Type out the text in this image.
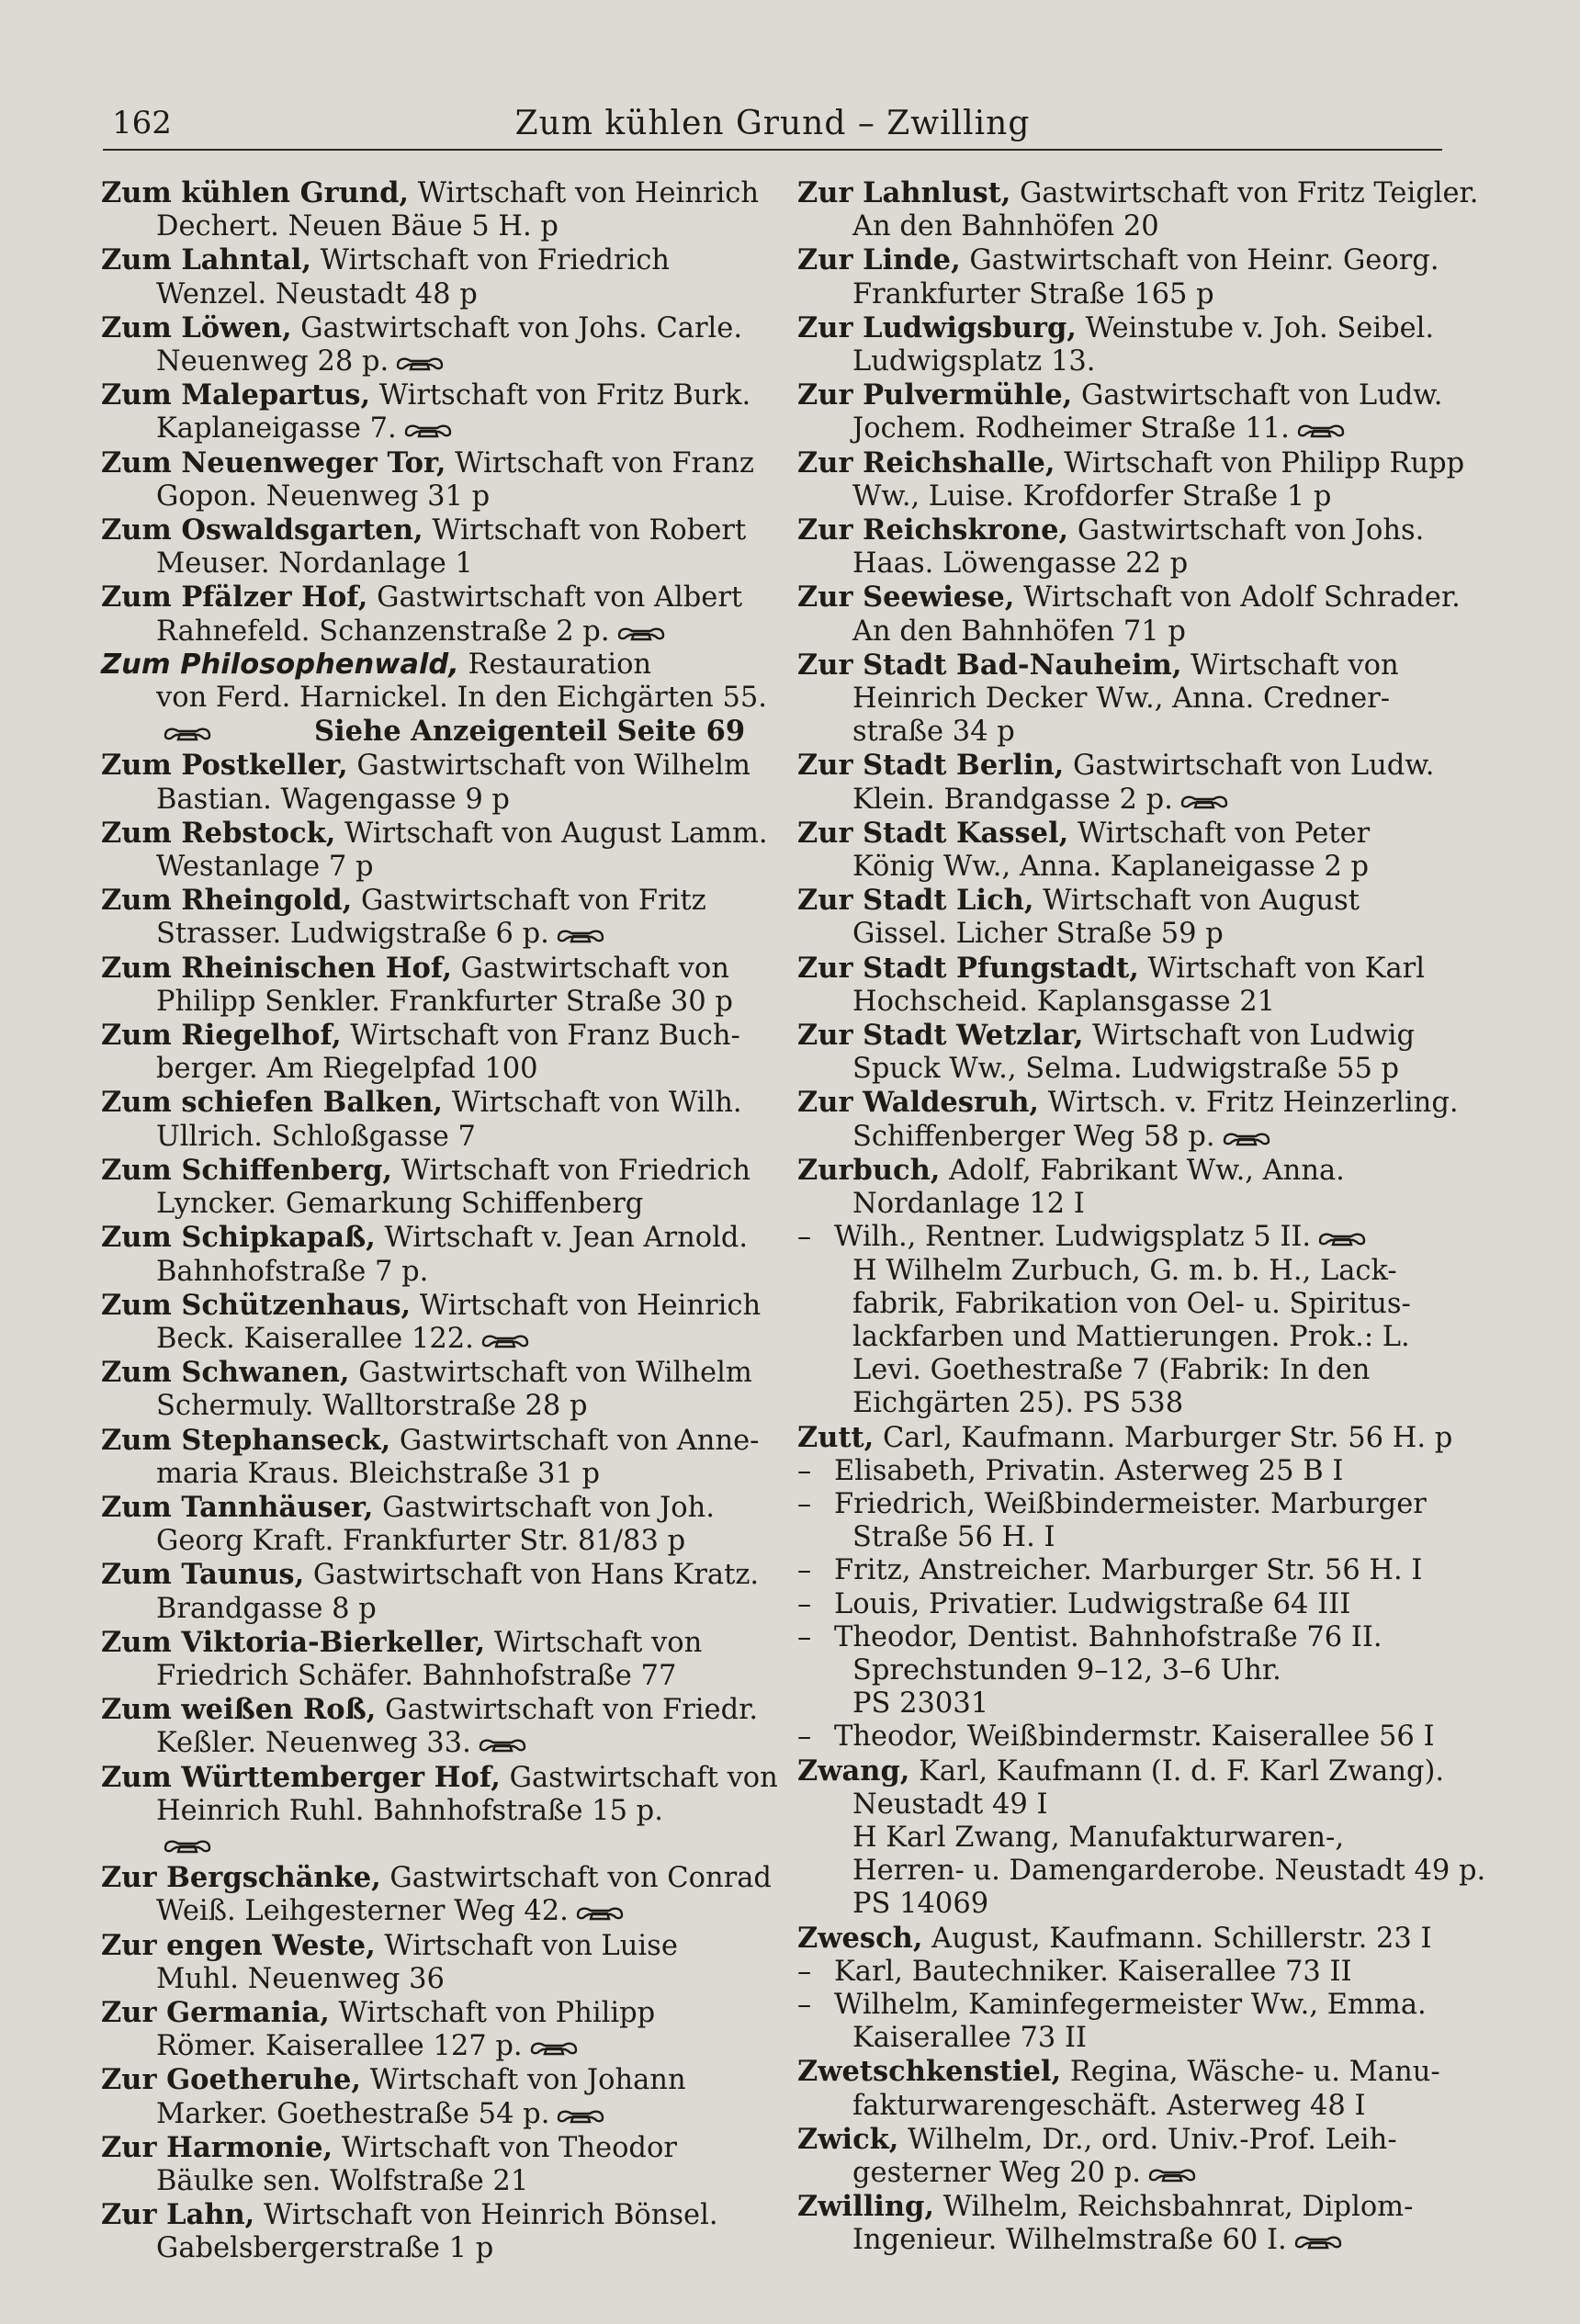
162	Zum kühlen Grund – Zwilling
Zum kühlen Grund, Wirtschaft von Heinrich
Dechert. Neuen Bäue 5 H. p
Zum Lahntal, Wirtschaft von Friedrich
Wenzel. Neustadt 48 p
Zum Löwen, Gastwirtschaft von Johs. Carle.
Neuenweg 28 p.
Zum Malepartus, Wirtschaft von Fritz Burk.
Kaplaneigasse 7.
Zum Neuenweger Tor, Wirtschaft von Franz
Gopon. Neuenweg 31 p
Zum Oswaldsgarten, Wirtschaft von Robert
Meuser. Nordanlage 1
Zum Pfälzer Hof, Gastwirtschaft von Albert
Rahnefeld. Schanzenstraße 2 p.
Zum Philosophenwald, Restauration
von Ferd. Harnickel. In den Eichgärten 55.
Siehe Anzeigenteil Seite 69
Zum Postkeller, Gastwirtschaft von Wilhelm
Bastian. Wagengasse 9 p
Zum Rebstock, Wirtschaft von August Lamm.
Westanlage 7 p
Zum Rheingold, Gastwirtschaft von Fritz
Strasser. Ludwigstraße 6 p.
Zum Rheinischen Hof, Gastwirtschaft von
Philipp Senkler. Frankfurter Straße 30 p
Zum Riegelhof, Wirtschaft von Franz Buch-
berger. Am Riegelpfad 100
Zum schiefen Balken, Wirtschaft von Wilh.
Ullrich. Schloßgasse 7
Zum Schiffenberg, Wirtschaft von Friedrich
Lyncker. Gemarkung Schiffenberg
Zum Schipkapaß, Wirtschaft v. Jean Arnold.
Bahnhofstraße 7 p.
Zum Schützenhaus, Wirtschaft von Heinrich
Beck. Kaiserallee 122.
Zum Schwanen, Gastwirtschaft von Wilhelm
Schermuly. Walltorstraße 28 p
Zum Stephanseck, Gastwirtschaft von Anne-
maria Kraus. Bleichstraße 31 p
Zum Tannhäuser, Gastwirtschaft von Joh.
Georg Kraft. Frankfurter Str. 81/83 p
Zum Taunus, Gastwirtschaft von Hans Kratz.
Brandgasse 8 p
Zum Viktoria-Bierkeller, Wirtschaft von
Friedrich Schäfer. Bahnhofstraße 77
Zum weißen Roß, Gastwirtschaft von Friedr.
Keßler. Neuenweg 33.
Zum Württemberger Hof, Gastwirtschaft von
Heinrich Ruhl. Bahnhofstraße 15 p.
Zur Bergschänke, Gastwirtschaft von Conrad
Weiß. Leihgesterner Weg 42.
Zur engen Weste, Wirtschaft von Luise
Muhl. Neuenweg 36
Zur Germania, Wirtschaft von Philipp
Römer. Kaiserallee 127 p.
Zur Goetheruhe, Wirtschaft von Johann
Marker. Goethestraße 54 p.
Zur Harmonie, Wirtschaft von Theodor
Bäulke sen. Wolfstraße 21
Zur Lahn, Wirtschaft von Heinrich Bönsel.
Gabelsbergerstraße 1 p
Zur Lahnlust, Gastwirtschaft von Fritz Teigler.
An den Bahnhöfen 20
Zur Linde, Gastwirtschaft von Heinr. Georg.
Frankfurter Straße 165 p
Zur Ludwigsburg, Weinstube v. Joh. Seibel.
Ludwigsplatz 13.
Zur Pulvermühle, Gastwirtschaft von Ludw.
Jochem. Rodheimer Straße 11.
Zur Reichshalle, Wirtschaft von Philipp Rupp
Ww., Luise. Krofdorfer Straße 1 p
Zur Reichskrone, Gastwirtschaft von Johs.
Haas. Löwengasse 22 p
Zur Seewiese, Wirtschaft von Adolf Schrader.
An den Bahnhöfen 71 p
Zur Stadt Bad-Nauheim, Wirtschaft von
Heinrich Decker Ww., Anna. Credner-
straße 34 p
Zur Stadt Berlin, Gastwirtschaft von Ludw.
Klein. Brandgasse 2 p.
Zur Stadt Kassel, Wirtschaft von Peter
König Ww., Anna. Kaplaneigasse 2 p
Zur Stadt Lich, Wirtschaft von August
Gissel. Licher Straße 59 p
Zur Stadt Pfungstadt, Wirtschaft von Karl
Hochscheid. Kaplansgasse 21
Zur Stadt Wetzlar, Wirtschaft von Ludwig
Spuck Ww., Selma. Ludwigstraße 55 p
Zur Waldesruh, Wirtsch. v. Fritz Heinzerling.
Schiffenberger Weg 58 p.
Zurbuch, Adolf, Fabrikant Ww., Anna.
Nordanlage 12 I
– Wilh., Rentner. Ludwigsplatz 5 II.
H Wilhelm Zurbuch, G. m. b. H., Lack-
fabrik, Fabrikation von Oel- u. Spiritus-
lackfarben und Mattierungen. Prok.: L.
Levi. Goethestraße 7 (Fabrik: In den
Eichgärten 25). PS 538
Zutt, Carl, Kaufmann. Marburger Str. 56 H. p
– Elisabeth, Privatin. Asterweg 25 B I
– Friedrich, Weißbindermeister. Marburger
Straße 56 H. I
– Fritz, Anstreicher. Marburger Str. 56 H. I
– Louis, Privatier. Ludwigstraße 64 III
– Theodor, Dentist. Bahnhofstraße 76 II.
Sprechstunden 9–12, 3–6 Uhr.
PS 23031
– Theodor, Weißbindermstr. Kaiserallee 56 I
Zwang, Karl, Kaufmann (I. d. F. Karl Zwang).
Neustadt 49 I
H Karl Zwang, Manufakturwaren-,
Herren- u. Damengarderobe. Neustadt 49 p.
PS 14069
Zwesch, August, Kaufmann. Schillerstr. 23 I
– Karl, Bautechniker. Kaiserallee 73 II
– Wilhelm, Kaminfegermeister Ww., Emma.
Kaiserallee 73 II
Zwetschkenstiel, Regina, Wäsche- u. Manu-
fakturwarengeschäft. Asterweg 48 I
Zwick, Wilhelm, Dr., ord. Univ.-Prof. Leih-
gesterner Weg 20 p.
Zwilling, Wilhelm, Reichsbahnrat, Diplom-
Ingenieur. Wilhelmstraße 60 I.
